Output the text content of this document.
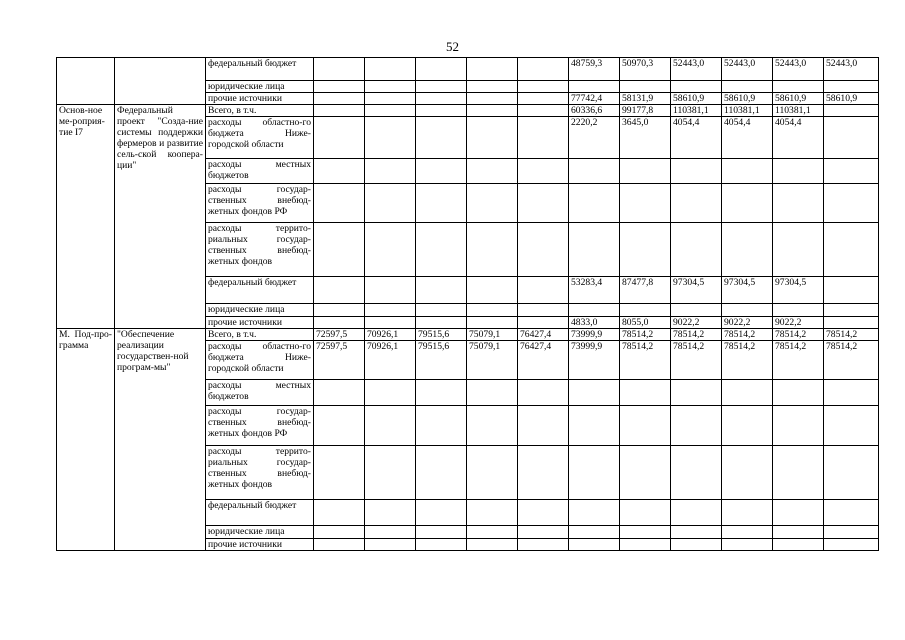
52

	федеральный бюджет						48759,3	50970,3	52443,0	52443,0	52443,0	52443,0
		юридические лица											
		прочие источники						77742,4	58131,9	58610,9	58610,9	58610,9	58610,9

Основ-ное ме-роприя-тие I7	Федеральный проект "Созда-ние системы поддержки фермеров и развитие сель-ской коопера-ции"	Всего, в т.ч.						60336,6	99177,8	110381,1	110381,1	110381,1	
		расходы областно-го бюджета Ниже-городской области						2220,2	3645,0	4054,4	4054,4	4054,4	
		расходы местных бюджетов											
		расходы государ-ственных внебюд-жетных фондов РФ											
		расходы террито-риальных государ-ственных внебюд-жетных фондов											
		федеральный бюджет						53283,4	87477,8	97304,5	97304,5	97304,5	
		юридические лица											
		прочие источники						4833,0	8055,0	9022,2	9022,2	9022,2	

М. Под-про-грамма	"Обеспечение реализации государствен-ной програм-мы"	Всего, в т.ч.	72597,5	70926,1	79515,6	75079,1	76427,4	73999,9	78514,2	78514,2	78514,2	78514,2	78514,2
		расходы областно-го бюджета Ниже-городской области	72597,5	70926,1	79515,6	75079,1	76427,4	73999,9	78514,2	78514,2	78514,2	78514,2	78514,2
		расходы местных бюджетов											
		расходы государ-ственных внебюд-жетных фондов РФ											
		расходы террито-риальных государ-ственных внебюд-жетных фондов											
		федеральный бюджет											
		юридические лица											
		прочие источники											
